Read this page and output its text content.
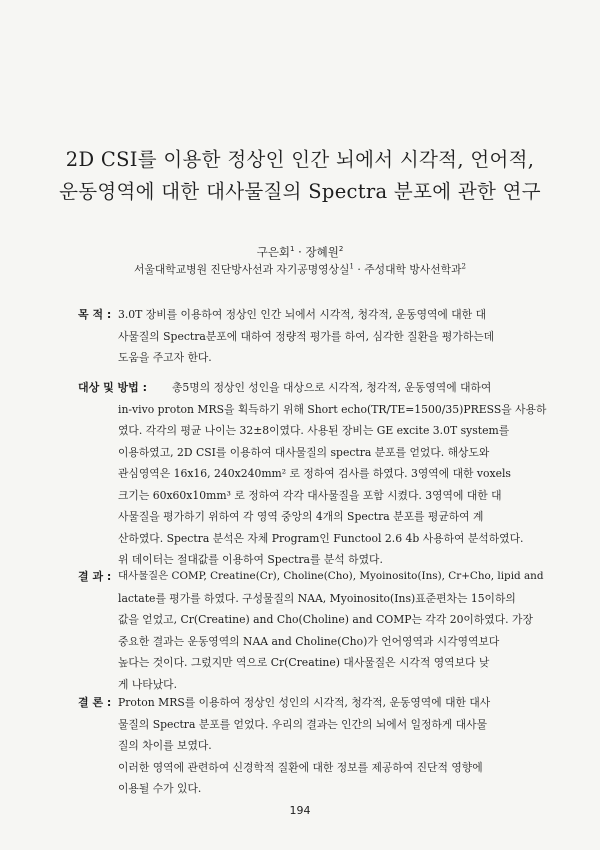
2D CSI를 이용한 정상인 인간 뇌에서 시각적, 언어적,
운동영역에 대한 대사물질의 Spectra 분포에 관한 연구
구은회$^1$ · 장혜원$^2$
서울대학교병원 진단방사선과 자기공명영상실$^1$ · 주성대학 방사선학과$^2$
목 적 : 3.0T 장비를 이용하여 정상인 인간 뇌에서 시각적, 청각적, 운동영역에 대한 대
사물질의 Spectra분포에 대하여 정량적 평가를 하여, 심각한 질환을 평가하는데
도움을 주고자 한다.
대상 및 방법 : 총5명의 정상인 성인을 대상으로 시각적, 청각적, 운동영역에 대하여
in-vivo proton MRS을 획득하기 위해 Short echo(TR/TE=1500/35)PRESS을 사용하
였다. 각각의 평균 나이는 32±8이였다. 사용된 장비는 GE excite 3.0T system를
이용하였고, 2D CSI를 이용하여 대사물질의 spectra 분포를 얻었다. 해상도와
관심영역은 16x16, 240x240mm² 로 정하여 검사를 하였다. 3영역에 대한 voxels
크기는 60x60x10mm³ 로 정하여 각각 대사물질을 포함 시켰다. 3영역에 대한 대
사물질을 평가하기 위하여 각 영역 중앙의 4개의 Spectra 분포를 평균하여 계
산하였다. Spectra 분석은 자체 Program인 Functool 2.6 4b 사용하여 분석하였다.
위 데이터는 절대값를 이용하여 Spectra를 분석 하였다.
결 과 : 대사물질은 COMP, Creatine(Cr), Choline(Cho), Myoinosito(Ins), Cr+Cho, lipid and
lactate를 평가를 하였다. 구성물질의 NAA, Myoinosito(Ins)표준편차는 15이하의
값을 얻었고, Cr(Creatine) and Cho(Choline) and COMP는 각각 20이하였다. 가장
중요한 결과는 운동영역의 NAA and Choline(Cho)가 언어영역과 시각영역보다
높다는 것이다. 그렀지만 역으로 Cr(Creatine) 대사물질은 시각적 영역보다 낮
게 나타났다.
결 론 : Proton MRS를 이용하여 정상인 성인의 시각적, 청각적, 운동영역에 대한 대사
물질의 Spectra 분포를 얻었다. 우리의 결과는 인간의 뇌에서 일정하게 대사물
질의 차이를 보였다.
이러한 영역에 관련하여 신경학적 질환에 대한 정보를 제공하여 진단적 영향에
이용될 수가 있다.
194
